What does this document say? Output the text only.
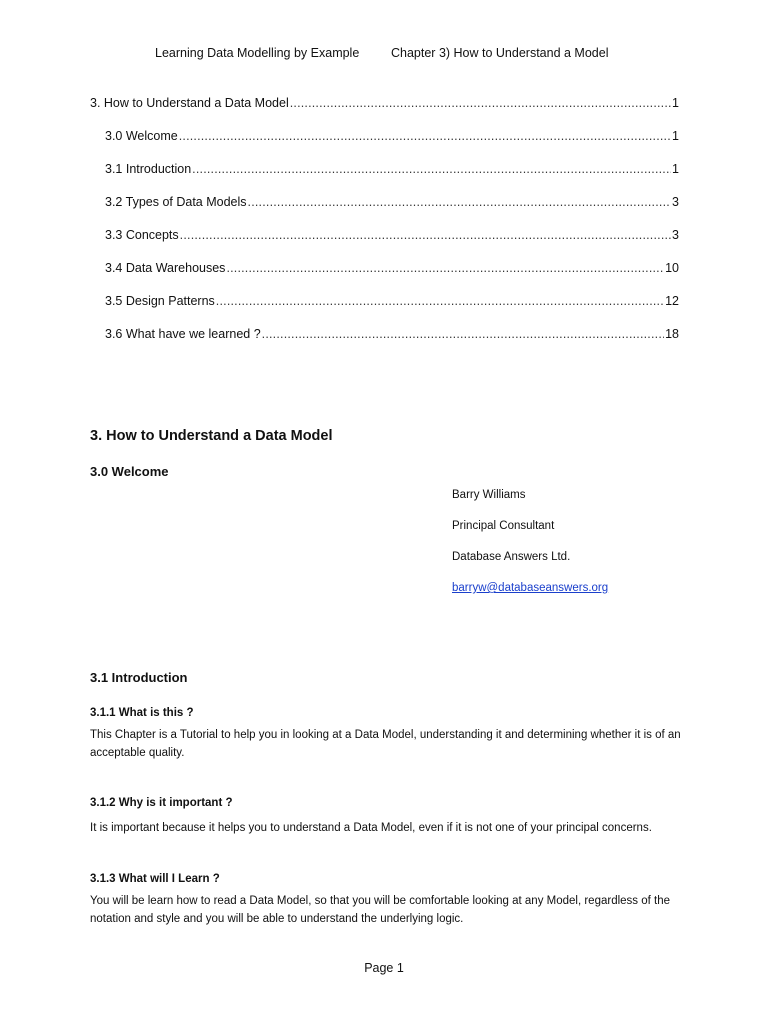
Learning Data Modelling by Example	Chapter 3) How to Understand a Model
3. How to Understand a Data Model .....	1
3.0 Welcome .....	1
3.1 Introduction .....	1
3.2 Types of Data Models .....	3
3.3 Concepts .....	3
3.4 Data Warehouses .....	10
3.5 Design Patterns .....	12
3.6 What have we learned ? .....	18
3. How to Understand a Data Model
3.0 Welcome
Barry Williams
Principal Consultant
Database Answers Ltd.
barryw@databaseanswers.org
3.1 Introduction
3.1.1 What is this ?
This Chapter is a Tutorial to help you in looking at a Data Model, understanding it and determining whether it is of an acceptable quality.
3.1.2 Why is it important ?
It is important because it helps you to understand a Data Model, even if it is not one of your principal concerns.
3.1.3 What will I Learn ?
You will be learn how to read a Data Model, so that you will be comfortable looking at any Model, regardless of the notation and style and you will be able to understand the underlying logic.
Page 1
